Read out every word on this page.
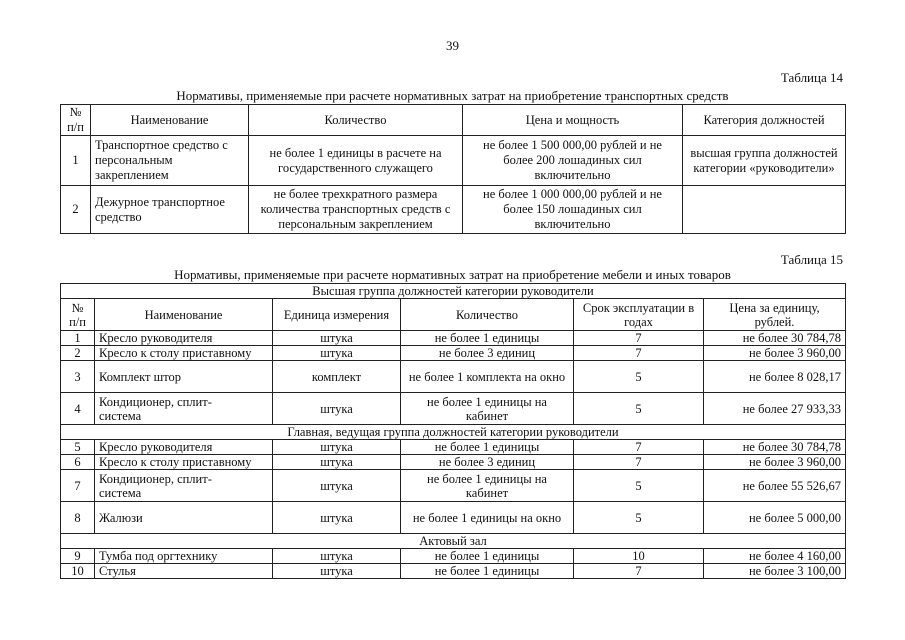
39
Таблица 14
Нормативы, применяемые при расчете нормативных затрат на приобретение транспортных средств
№ п/п	Наименование	Количество	Цена и мощность	Категория должностей
1	Транспортное средство с персональным закреплением	не более 1 единицы в расчете на государственного служащего	не более 1 500 000,00 рублей и не более 200 лошадиных сил включительно	высшая группа должностей категории «руководители»
2	Дежурное транспортное средство	не более трехкратного размера количества транспортных средств с персональным закреплением	не более 1 000 000,00 рублей и не более 150 лошадиных сил включительно	
Таблица 15
Нормативы, применяемые при расчете нормативных затрат на приобретение мебели и иных товаров
Высшая группа должностей категории руководители					
№ п/п	Наименование	Единица измерения	Количество	Срок эксплуатации в годах	Цена за единицу, рублей.
1	Кресло руководителя	штука	не более 1 единицы	7	не более 30 784,78
2	Кресло к столу приставному	штука	не более 3 единиц	7	не более 3 960,00
3	Комплект штор	комплект	не более 1 комплекта на окно	5	не более 8 028,17
4	Кондиционер, сплит-система	штука	не более 1 единицы на кабинет	5	не более 27 933,33
Главная, ведущая группа должностей категории руководители					
5	Кресло руководителя	штука	не более 1 единицы	7	не более 30 784,78
6	Кресло к столу приставному	штука	не более 3 единиц	7	не более 3 960,00
7	Кондиционер, сплит-система	штука	не более 1 единицы на кабинет	5	не более 55 526,67
8	Жалюзи	штука	не более 1 единицы на окно	5	не более 5 000,00
Актовый зал					
9	Тумба под оргтехнику	штука	не более 1 единицы	10	не более 4 160,00
10	Стулья	штука	не более 1 единицы	7	не более 3 100,00
